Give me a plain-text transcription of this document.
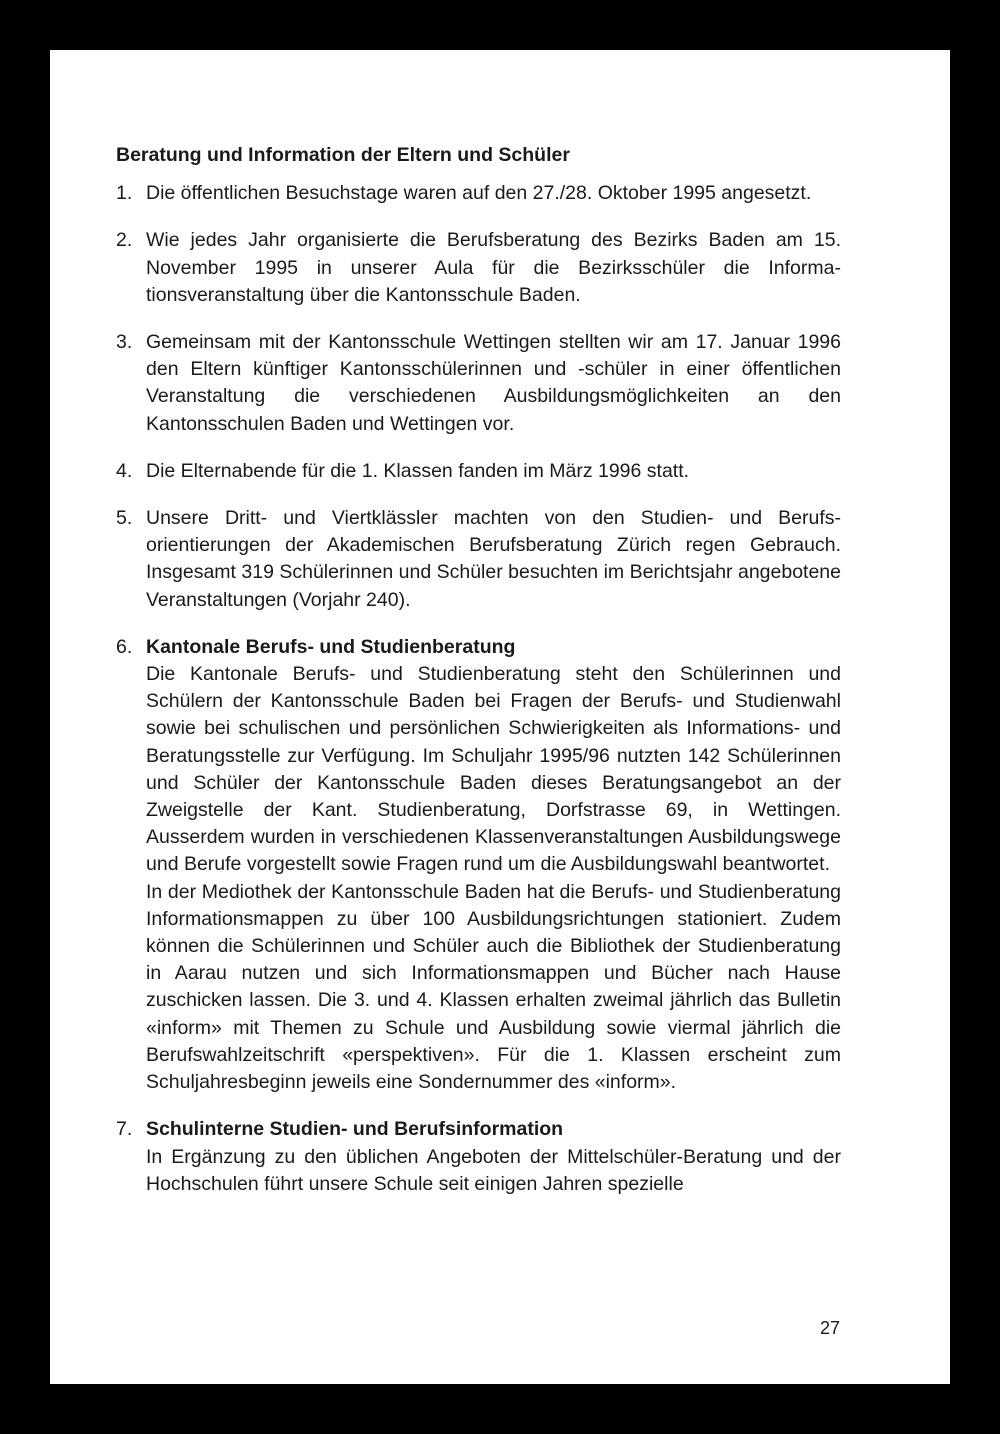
Beratung und Information der Eltern und Schüler
1. Die öffentlichen Besuchstage waren auf den 27./28. Oktober 1995 angesetzt.

2. Wie jedes Jahr organisierte die Berufsberatung des Bezirks Baden am 15. November 1995 in unserer Aula für die Bezirksschüler die Informationsveranstaltung über die Kantonsschule Baden.

3. Gemeinsam mit der Kantonsschule Wettingen stellten wir am 17. Januar 1996 den Eltern künftiger Kantonsschülerinnen und -schüler in einer öffentlichen Veranstaltung die verschiedenen Ausbildungsmöglichkeiten an den Kantonsschulen Baden und Wettingen vor.

4. Die Elternabende für die 1. Klassen fanden im März 1996 statt.

5. Unsere Dritt- und Viertklässler machten von den Studien- und Berufsorientierungen der Akademischen Berufsberatung Zürich regen Gebrauch. Insgesamt 319 Schülerinnen und Schüler besuchten im Berichtsjahr angebotene Veranstaltungen (Vorjahr 240).

6. Kantonale Berufs- und Studienberatung

Die Kantonale Berufs- und Studienberatung steht den Schülerinnen und Schülern der Kantonsschule Baden bei Fragen der Berufs- und Studienwahl sowie bei schulischen und persönlichen Schwierigkeiten als Informations- und Beratungsstelle zur Verfügung. Im Schuljahr 1995/96 nutzten 142 Schülerinnen und Schüler der Kantonsschule Baden dieses Beratungsangebot an der Zweigstelle der Kant. Studienberatung, Dorfstrasse 69, in Wettingen. Ausserdem wurden in verschiedenen Klassenveranstaltungen Ausbildungswege und Berufe vorgestellt sowie Fragen rund um die Ausbildungswahl beantwortet.

In der Mediothek der Kantonsschule Baden hat die Berufs- und Studienberatung Informationsmappen zu über 100 Ausbildungsrichtungen stationiert. Zudem können die Schülerinnen und Schüler auch die Bibliothek der Studienberatung in Aarau nutzen und sich Informationsmappen und Bücher nach Hause zuschicken lassen. Die 3. und 4. Klassen erhalten zweimal jährlich das Bulletin «inform» mit Themen zu Schule und Ausbildung sowie viermal jährlich die Berufswahlzeitschrift «perspektiven». Für die 1. Klassen erscheint zum Schuljahresbeginn jeweils eine Sondernummer des «inform».

7. Schulinterne Studien- und Berufsinformation

In Ergänzung zu den üblichen Angeboten der Mittelschüler-Beratung und der Hochschulen führt unsere Schule seit einigen Jahren spezielle

27
